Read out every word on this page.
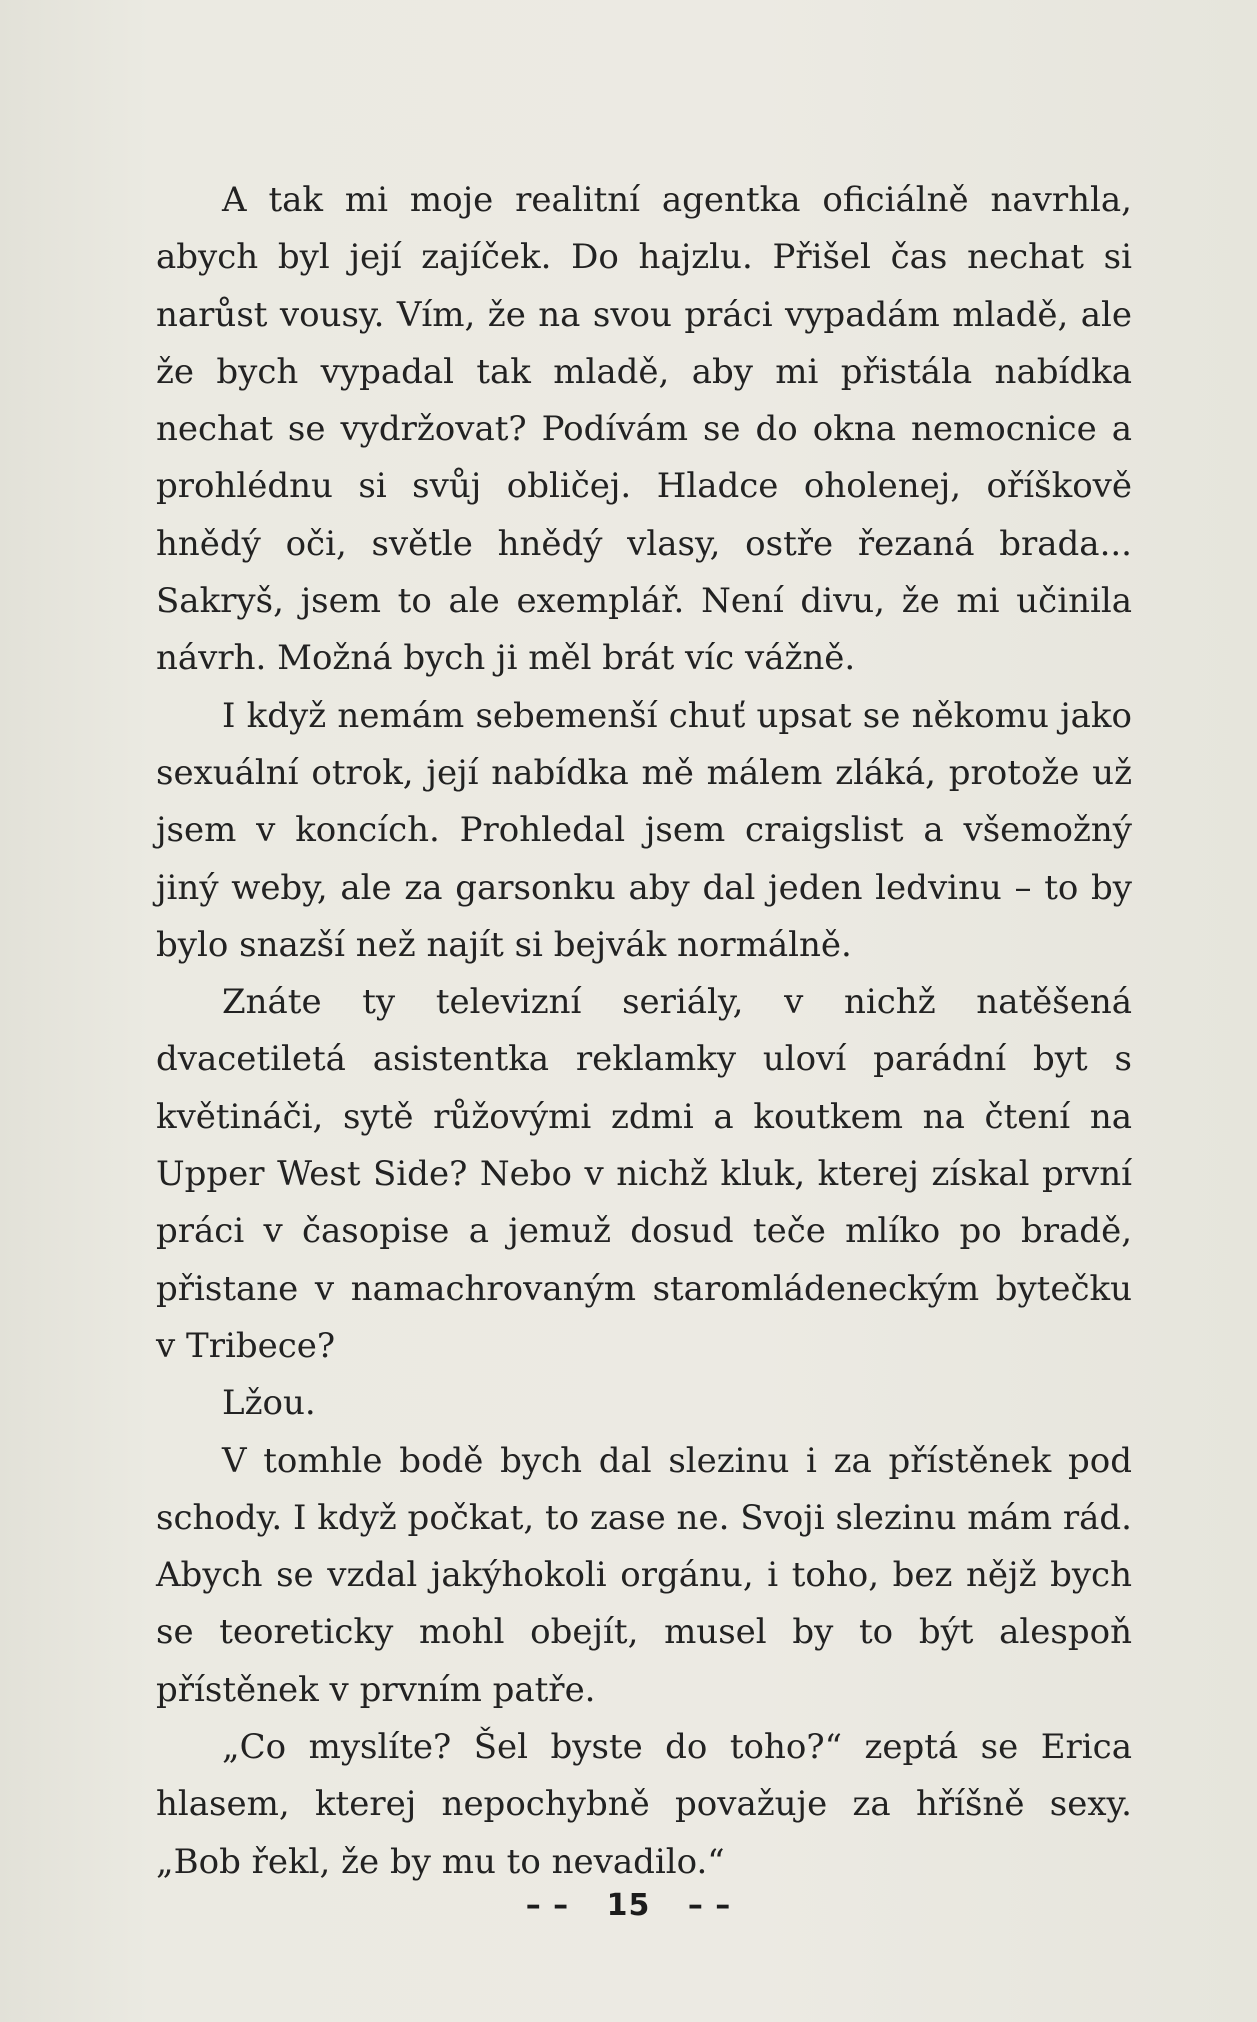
A tak mi moje realitní agentka oficiálně navrhla, abych byl její zajíček. Do hajzlu. Přišel čas nechat si narůst vousy. Vím, že na svou práci vypadám mladě, ale že bych vypadal tak mladě, aby mi přistála nabídka nechat se vydržovat? Podívám se do okna nemocnice a prohlédnu si svůj obličej. Hladce oholenej, oříškově hnědý oči, světle hnědý vlasy, ostře řezaná brada... Sakryš, jsem to ale exemplář. Není divu, že mi učinila návrh. Možná bych ji měl brát víc vážně.

I když nemám sebemenší chuť upsat se někomu jako sexuální otrok, její nabídka mě málem zláká, protože už jsem v koncích. Prohledal jsem craigslist a všemožný jiný weby, ale za garsonku aby dal jeden ledvinu – to by bylo snazší než najít si bejvák normálně.

Znáte ty televizní seriály, v nichž natěšená dvacetiletá asistentka reklamky uloví parádní byt s květináči, sytě růžovými zdmi a koutkem na čtení na Upper West Side? Nebo v nichž kluk, kterej získal první práci v časopise a jemuž dosud teče mlíko po bradě, přistane v namachrovaným staromládeneckým bytečku v Tribece?

Lžou.

V tomhle bodě bych dal slezinu i za přístěnek pod schody. I když počkat, to zase ne. Svoji slezinu mám rád. Abych se vzdal jakýhokoli orgánu, i toho, bez nějž bych se teoreticky mohl obejít, musel by to být alespoň přístěnek v prvním patře.

„Co myslíte? Šel byste do toho?“ zeptá se Erica hlasem, kterej nepochybně považuje za hříšně sexy. „Bob řekl, že by mu to nevadilo.“

– – 15 – –
